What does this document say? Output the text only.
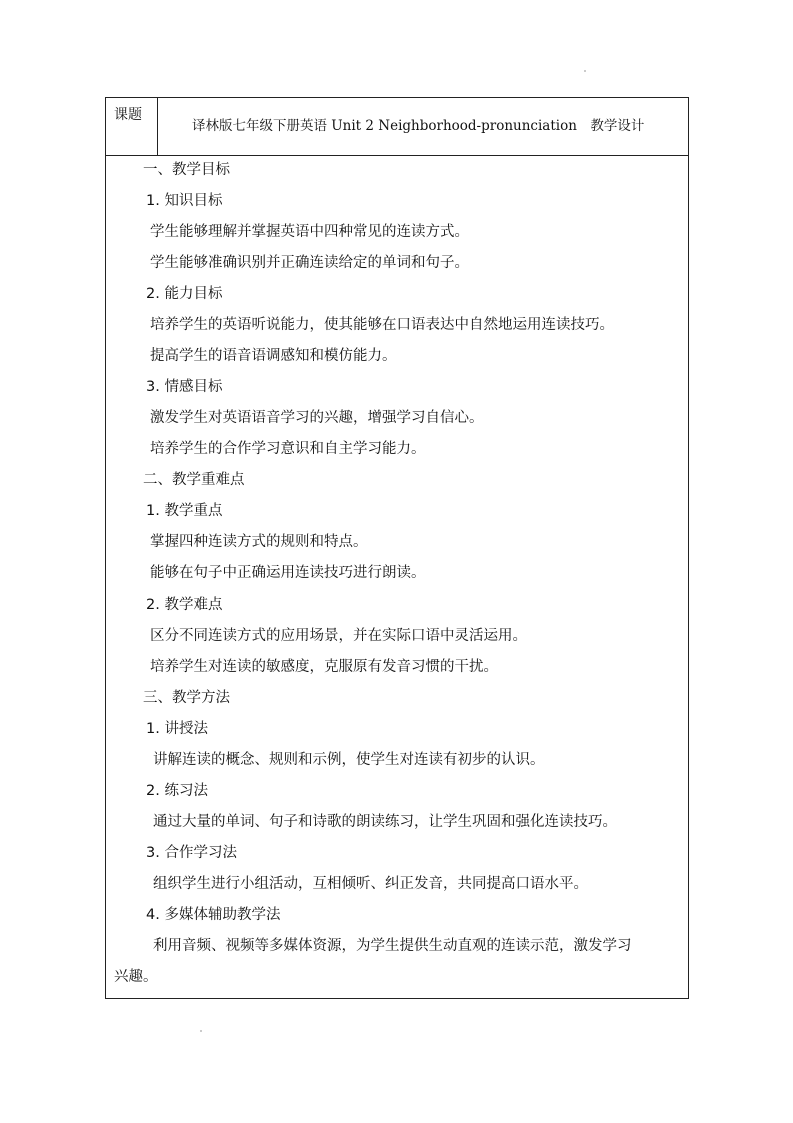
课题
译林版七年级下册英语 Unit 2 Neighborhood-pronunciation　教学设计
一、教学目标
1. 知识目标
学生能够理解并掌握英语中四种常见的连读方式。
学生能够准确识别并正确连读给定的单词和句子。
2. 能力目标
培养学生的英语听说能力，使其能够在口语表达中自然地运用连读技巧。
提高学生的语音语调感知和模仿能力。
3. 情感目标
激发学生对英语语音学习的兴趣，增强学习自信心。
培养学生的合作学习意识和自主学习能力。
二、教学重难点
1. 教学重点
掌握四种连读方式的规则和特点。
能够在句子中正确运用连读技巧进行朗读。
2. 教学难点
区分不同连读方式的应用场景，并在实际口语中灵活运用。
培养学生对连读的敏感度，克服原有发音习惯的干扰。
三、教学方法
1. 讲授法
讲解连读的概念、规则和示例，使学生对连读有初步的认识。
2. 练习法
通过大量的单词、句子和诗歌的朗读练习，让学生巩固和强化连读技巧。
3. 合作学习法
组织学生进行小组活动，互相倾听、纠正发音，共同提高口语水平。
4. 多媒体辅助教学法
利用音频、视频等多媒体资源，为学生提供生动直观的连读示范，激发学习
兴趣。
